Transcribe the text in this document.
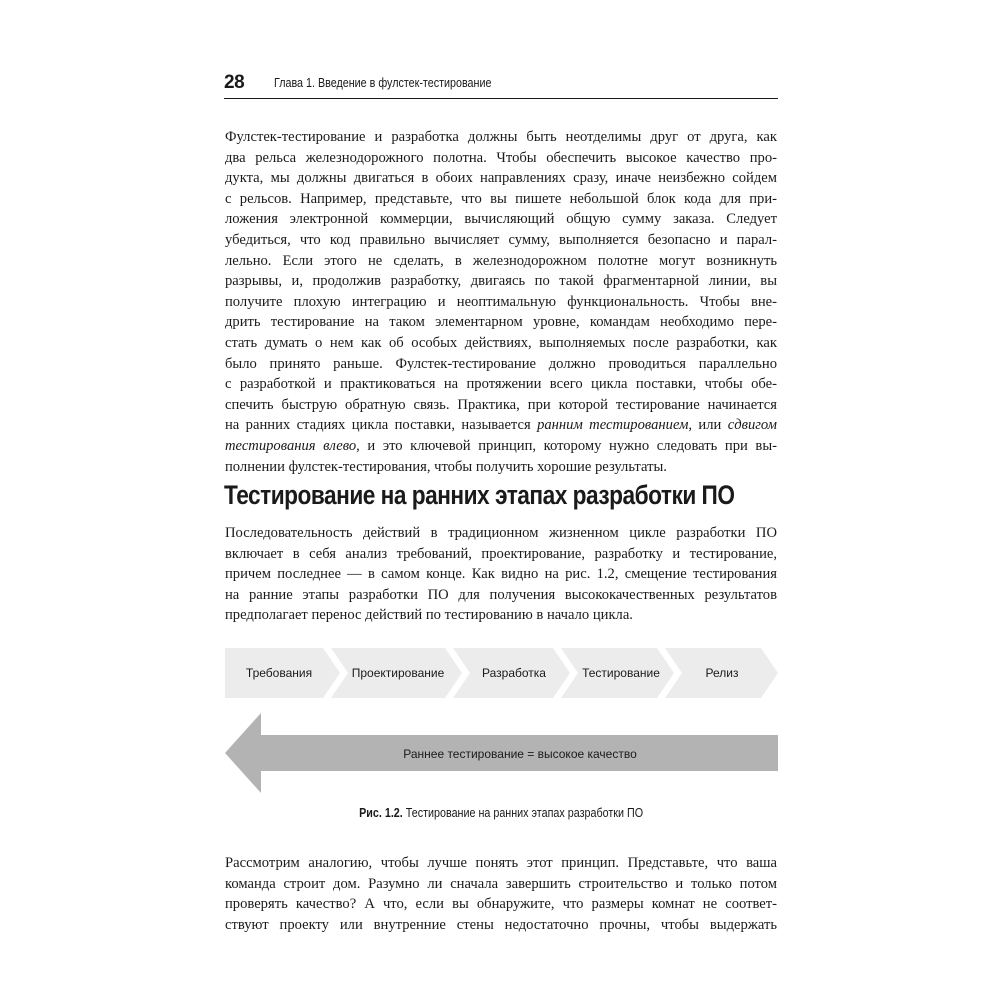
28 Глава 1. Введение в фулстек-тестирование
Фулстек-тестирование и разработка должны быть неотделимы друг от друга, как
два рельса железнодорожного полотна. Чтобы обеспечить высокое качество про-
дукта, мы должны двигаться в обоих направлениях сразу, иначе неизбежно сойдем
с рельсов. Например, представьте, что вы пишете небольшой блок кода для при-
ложения электронной коммерции, вычисляющий общую сумму заказа. Следует
убедиться, что код правильно вычисляет сумму, выполняется безопасно и парал-
лельно. Если этого не сделать, в железнодорожном полотне могут возникнуть
разрывы, и, продолжив разработку, двигаясь по такой фрагментарной линии, вы
получите плохую интеграцию и неоптимальную функциональность. Чтобы вне-
дрить тестирование на таком элементарном уровне, командам необходимо пере-
стать думать о нем как об особых действиях, выполняемых после разработки, как
было принято раньше. Фулстек-тестирование должно проводиться параллельно
с разработкой и практиковаться на протяжении всего цикла поставки, чтобы обе-
спечить быструю обратную связь. Практика, при которой тестирование начинается
на ранних стадиях цикла поставки, называется ранним тестированием, или сдвигом
тестирования влево, и это ключевой принцип, которому нужно следовать при вы-
полнении фулстек-тестирования, чтобы получить хорошие результаты.
Тестирование на ранних этапах разработки ПО
Последовательность действий в традиционном жизненном цикле разработки ПО
включает в себя анализ требований, проектирование, разработку и тестирование,
причем последнее — в самом конце. Как видно на рис. 1.2, смещение тестирования
на ранние этапы разработки ПО для получения высококачественных результатов
предполагает перенос действий по тестированию в начало цикла.
Требования	Проектирование	Разработка	Тестирование	Релиз
Раннее тестирование = высокое качество
Рис. 1.2. Тестирование на ранних этапах разработки ПО
Рассмотрим аналогию, чтобы лучше понять этот принцип. Представьте, что ваша
команда строит дом. Разумно ли сначала завершить строительство и только потом
проверять качество? А что, если вы обнаружите, что размеры комнат не соответ-
ствуют проекту или внутренние стены недостаточно прочны, чтобы выдержать
